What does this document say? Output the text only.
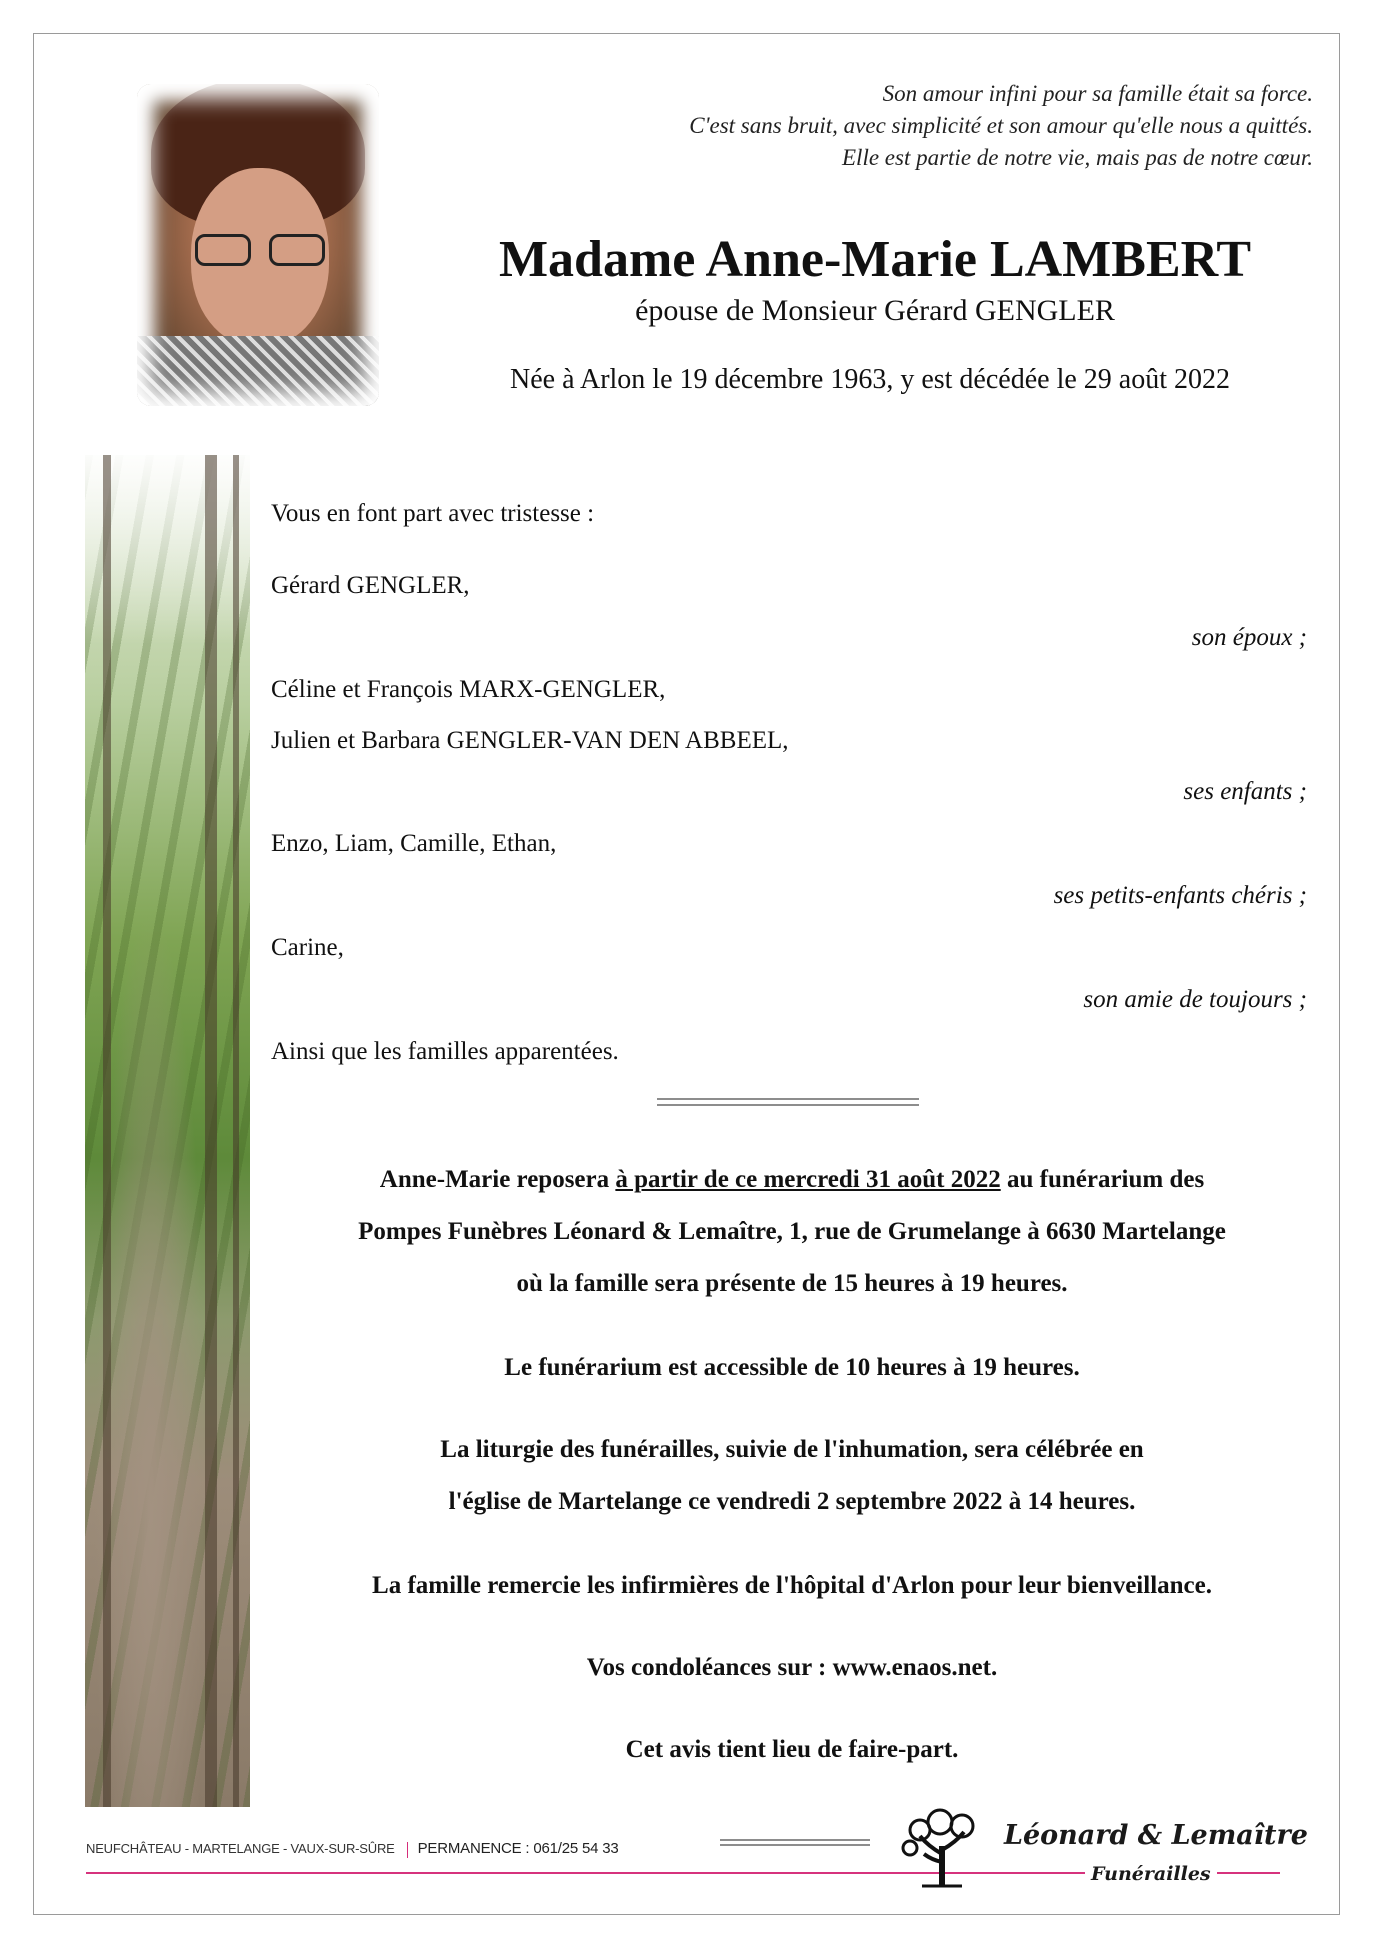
Son amour infini pour sa famille était sa force.
C'est sans bruit, avec simplicité et son amour qu'elle nous a quittés.
Elle est partie de notre vie, mais pas de notre cœur.
Madame Anne-Marie LAMBERT
épouse de Monsieur Gérard GENGLER
Née à Arlon le 19 décembre 1963, y est décédée le 29 août 2022
Vous en font part avec tristesse :
Gérard GENGLER,
son époux ;
Céline et François MARX-GENGLER,
Julien et Barbara GENGLER-VAN DEN ABBEEL,
ses enfants ;
Enzo, Liam, Camille, Ethan,
ses petits-enfants chéris ;
Carine,
son amie de toujours ;
Ainsi que les familles apparentées.
Anne-Marie reposera à partir de ce mercredi 31 août 2022 au funérarium des
Pompes Funèbres Léonard & Lemaître, 1, rue de Grumelange à 6630 Martelange
où la famille sera présente de 15 heures à 19 heures.
Le funérarium est accessible de 10 heures à 19 heures.
La liturgie des funérailles, suivie de l'inhumation, sera célébrée en
l'église de Martelange ce vendredi 2 septembre 2022 à 14 heures.
La famille remercie les infirmières de l'hôpital d'Arlon pour leur bienveillance.
Vos condoléances sur : www.enaos.net.
Cet avis tient lieu de faire-part.
NEUFCHÂTEAU - MARTELANGE - VAUX-SUR-SÛRE PERMANENCE : 061/25 54 33	Léonard & Lemaître
Funérailles
